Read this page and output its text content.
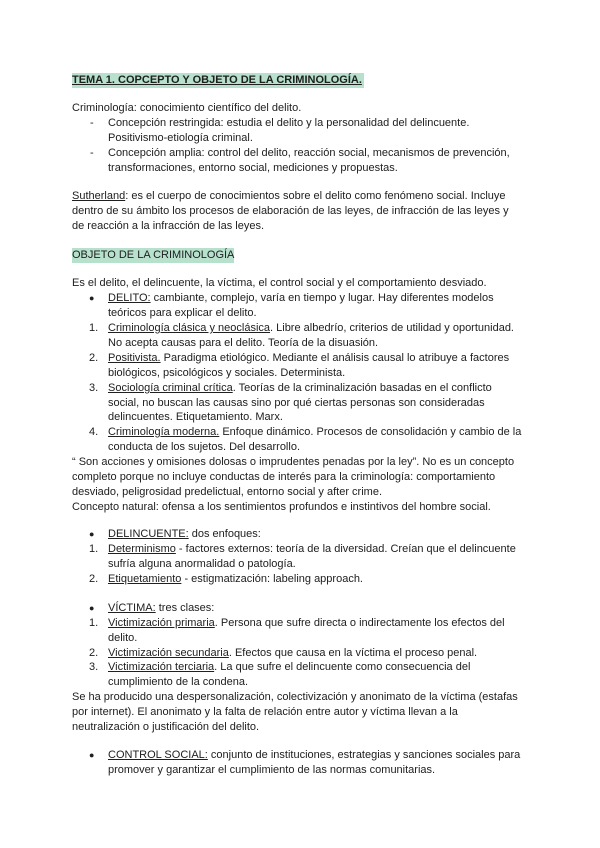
TEMA 1. COPCEPTO Y OBJETO DE LA CRIMINOLOGÍA.
Criminología: conocimiento científico del delito.
- Concepción restringida: estudia el delito y la personalidad del delincuente.
Positivismo-etiología criminal.
- Concepción amplia: control del delito, reacción social, mecanismos de prevención,
transformaciones, entorno social, mediciones y propuestas.
Sutherland: es el cuerpo de conocimientos sobre el delito como fenómeno social. Incluye
dentro de su ámbito los procesos de elaboración de las leyes, de infracción de las leyes y
de reacción a la infracción de las leyes.
OBJETO DE LA CRIMINOLOGÍA
Es el delito, el delincuente, la víctima, el control social y el comportamiento desviado.
● DELITO: cambiante, complejo, varía en tiempo y lugar. Hay diferentes modelos
teóricos para explicar el delito.
1. Criminología clásica y neoclásica. Libre albedrío, criterios de utilidad y oportunidad.
No acepta causas para el delito. Teoría de la disuasión.
2. Positivista. Paradigma etiológico. Mediante el análisis causal lo atribuye a factores
biológicos, psicológicos y sociales. Determinista.
3. Sociología criminal crítica. Teorías de la criminalización basadas en el conflicto
social, no buscan las causas sino por qué ciertas personas son consideradas
delincuentes. Etiquetamiento. Marx.
4. Criminología moderna. Enfoque dinámico. Procesos de consolidación y cambio de la
conducta de los sujetos. Del desarrollo.
“ Son acciones y omisiones dolosas o imprudentes penadas por la ley”. No es un concepto
completo porque no incluye conductas de interés para la criminología: comportamiento
desviado, peligrosidad predelictual, entorno social y after crime.
Concepto natural: ofensa a los sentimientos profundos e instintivos del hombre social.
● DELINCUENTE: dos enfoques:
1. Determinismo - factores externos: teoría de la diversidad. Creían que el delincuente
sufría alguna anormalidad o patología.
2. Etiquetamiento - estigmatización: labeling approach.
● VÍCTIMA: tres clases:
1. Victimización primaria. Persona que sufre directa o indirectamente los efectos del
delito.
2. Victimización secundaria. Efectos que causa en la víctima el proceso penal.
3. Victimización terciaria. La que sufre el delincuente como consecuencia del
cumplimiento de la condena.
Se ha producido una despersonalización, colectivización y anonimato de la víctima (estafas
por internet). El anonimato y la falta de relación entre autor y víctima llevan a la
neutralización o justificación del delito.
● CONTROL SOCIAL: conjunto de instituciones, estrategias y sanciones sociales para
promover y garantizar el cumplimiento de las normas comunitarias.
